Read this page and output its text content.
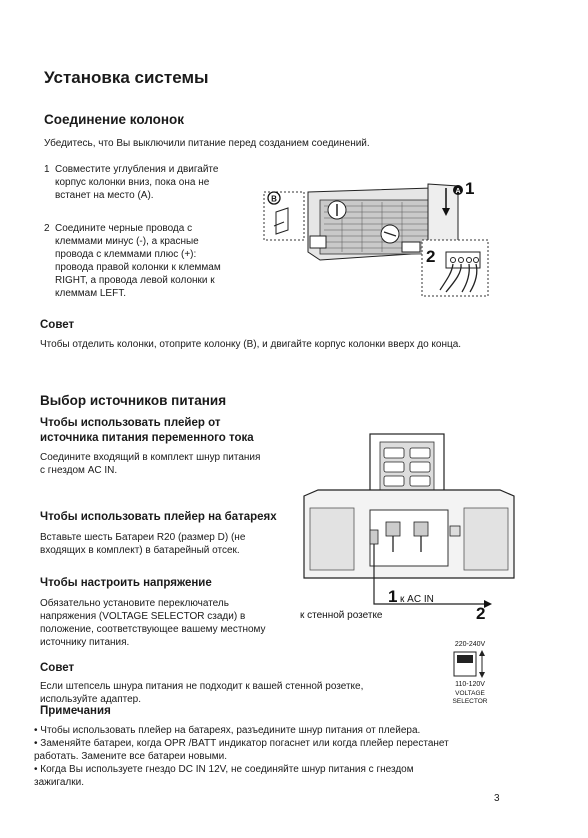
Установка системы
Соединение колонок
Убедитесь, что Вы выключили питание перед созданием соединений.
1 Совместите углубления и двигайте
корпус колонки вниз, пока она не
встанет на место (A).
2 Соедините черные провода с
клеммами минус (-), а красные
провода с клеммами плюс (+):
провода правой колонки к клеммам
RIGHT, а провода левой колонки к
клеммам LEFT.
B
A 1
2
Совет
Чтобы отделить колонки, отоприте колонку (B), и двигайте корпус колонки вверх до конца.
Выбор источников питания
Чтобы использовать плейер от
источника питания переменного тока
Соедините входящий в комплект шнур питания
с гнездом AC IN.
Чтобы использовать плейер на батареях
Вставьте шесть Батареи R20 (размер D) (не
входящих в комплект) в батарейный отсек.
Чтобы настроить напряжение
Обязательно установите переключатель
напряжения (VOLTAGE SELECTOR сзади) в
положение, соответствующее вашему местному
источнику питания.
1 к AC IN
к стенной розетке	2
220-240V
110-120V
VOLTAGE
SELECTOR
Совет
Если штепсель шнура питания не подходит к вашей стенной розетке,
используйте адаптер.
Примечания
• Чтобы использовать плейер на батареях, разъедините шнур питания от плейера.
• Заменяйте батареи, когда OPR /BATT индикатор погаснет или когда плейер перестанет
работать. Замените все батареи новыми.
• Когда Вы используете гнездо DC IN 12V, не соединяйте шнур питания с гнездом
зажигалки.
3
